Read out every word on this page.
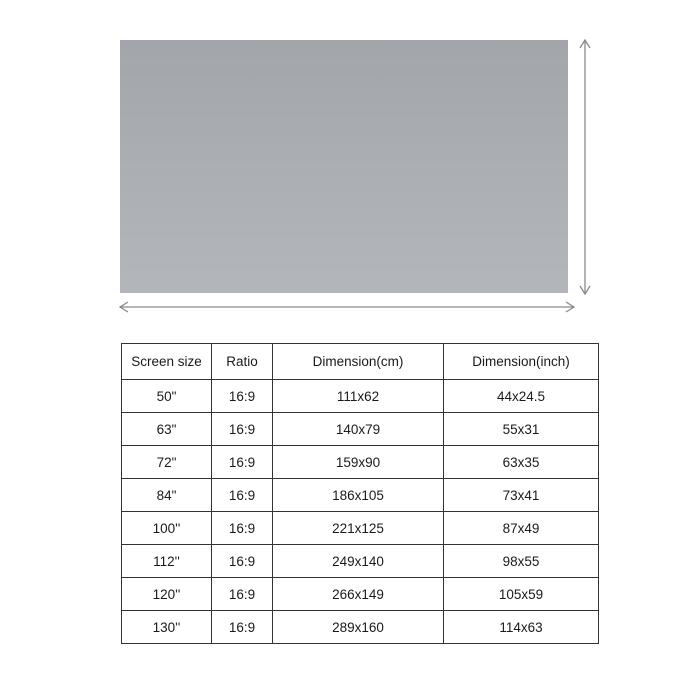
Screen size	Ratio	Dimension(cm)	Dimension(inch)
50"	16:9	111x62	44x24.5
63"	16:9	140x79	55x31
72"	16:9	159x90	63x35
84"	16:9	186x105	73x41
100''	16:9	221x125	87x49
112''	16:9	249x140	98x55
120''	16:9	266x149	105x59
130''	16:9	289x160	114x63
